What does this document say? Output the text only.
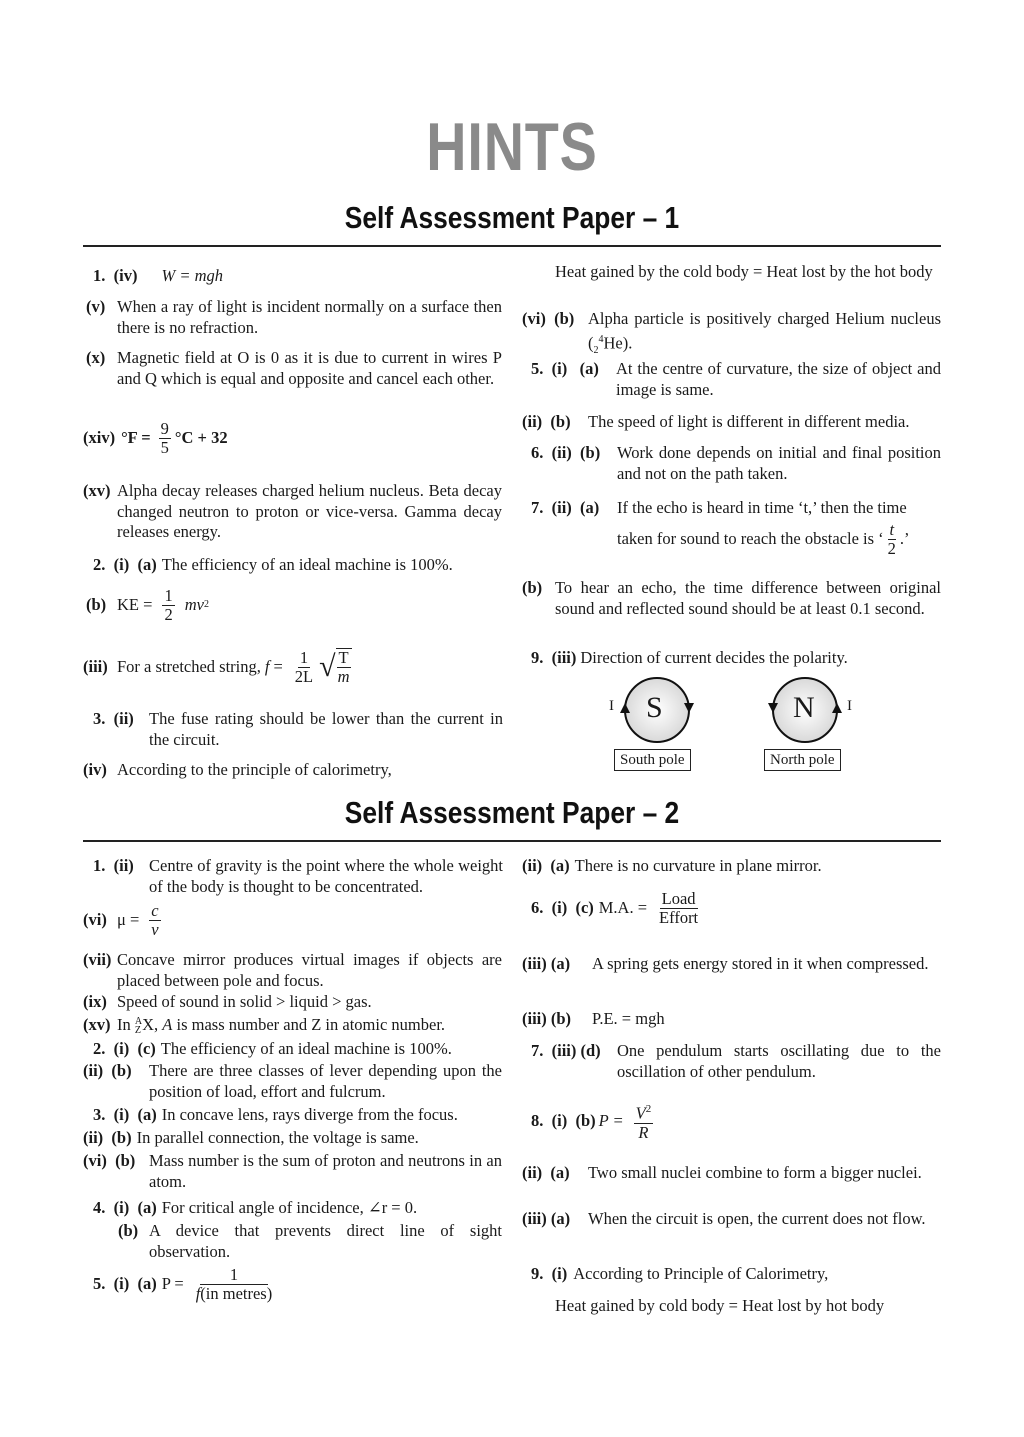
HINTS
Self Assessment Paper – 1
1.  (iv) W = mgh
(v) When a ray of light is incident normally on a surface then there is no refraction.
(x) Magnetic field at O is 0 as it is due to current in wires P and Q which is equal and opposite and cancel each other.
(xiv) $^\circ F = \frac{9}{5} ^\circ C + 32$
(xv) Alpha decay releases charged helium nucleus. Beta decay changed neutron to proton or vice-versa. Gamma decay releases energy.
2.  (i)  (a) The efficiency of an ideal machine is 100%.
(b) KE = $\frac{1}{2}$ mv 2
(iii) For a stretched string, $f = \frac{1}{2L}$ √ $\frac{T}{m}$
3.  (ii) The fuse rating should be lower than the current in the circuit.
(iv) According to the principle of calorimetry,
Heat gained by the cold body = Heat lost by the hot body
(vi)  (b) Alpha particle is positively charged Helium nucleus $(_2^4He)$.
5.  (i)   (a)	At the centre of curvature, the size of object and image is same.
(ii)  (b)	The speed of light is different in different media.
6.  (ii)  (b)	Work done depends on initial and final position and not on the path taken.
7.  (ii)  (a)	If the echo is heard in time ‘t,’ then the time
taken for sound to reach the obstacle is ‘ $\frac{t}{2}$ .’
(b) To hear an echo, the time difference between original sound and reflected sound should be at least 0.1 second.
9.  (iii) Direction of current decides the polarity.
S	N
I	I
South pole	North pole
Self Assessment Paper – 2
1.  (ii) Centre of gravity is the point where the whole weight of the body is thought to be concentrated.
(vi) $\mu = \frac{c}{v}$
(vii) Concave mirror produces virtual images if objects are placed between pole and focus.
(ix) Speed of sound in solid > liquid > gas.
(xv) In A
Z X, A is mass number and Z in atomic number.
2.  (i)  (c) The efficiency of an ideal machine is 100%.
(ii)  (b)	There are three classes of lever depending upon the position of load, effort and fulcrum.
3.  (i)  (a) In concave lens, rays diverge from the focus.
(ii)  (b) In parallel connection, the voltage is same.
(vi)  (b) Mass number is the sum of proton and neutrons in an atom.
4.  (i)  (a) For critical angle of incidence, ∠r = 0.
(b) A device that prevents direct line of sight observation.
5.  (i)  (a) $P = \frac{1}{\text{f(in metres)}}$
(ii)  (a) There is no curvature in plane mirror.
6.  (i)  (c) M.A. = $\frac{\text{Load}}{\text{Effort}}$
(iii) (a)	A spring gets energy stored in it when compressed.
(iii) (b)	P.E. = mgh
7.  (iii) (d) One pendulum starts oscillating due to the oscillation of other pendulum.
8.  (i)  (b) $P = \frac{V^2}{R}$
(ii)  (a)	Two small nuclei combine to form a bigger nuclei.
(iii) (a)	When the circuit is open, the current does not flow.
9.  (i) According to Principle of Calorimetry,
Heat gained by cold body = Heat lost by hot body
